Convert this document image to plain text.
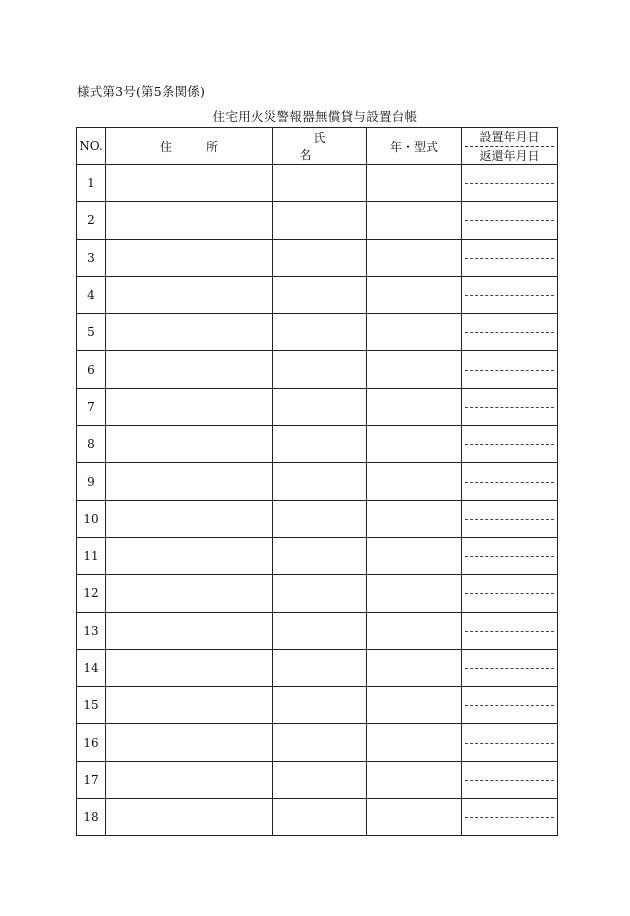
様式第3号(第5条関係)
住宅用火災警報器無償貸与設置台帳
NO.	住所	氏名	年・型式	設置年月日
返還年月日

1				

2				

3				

4				

5				

6				

7				

8				

9				

10				

11				

12				

13				

14				

15				

16				

17				

18				
